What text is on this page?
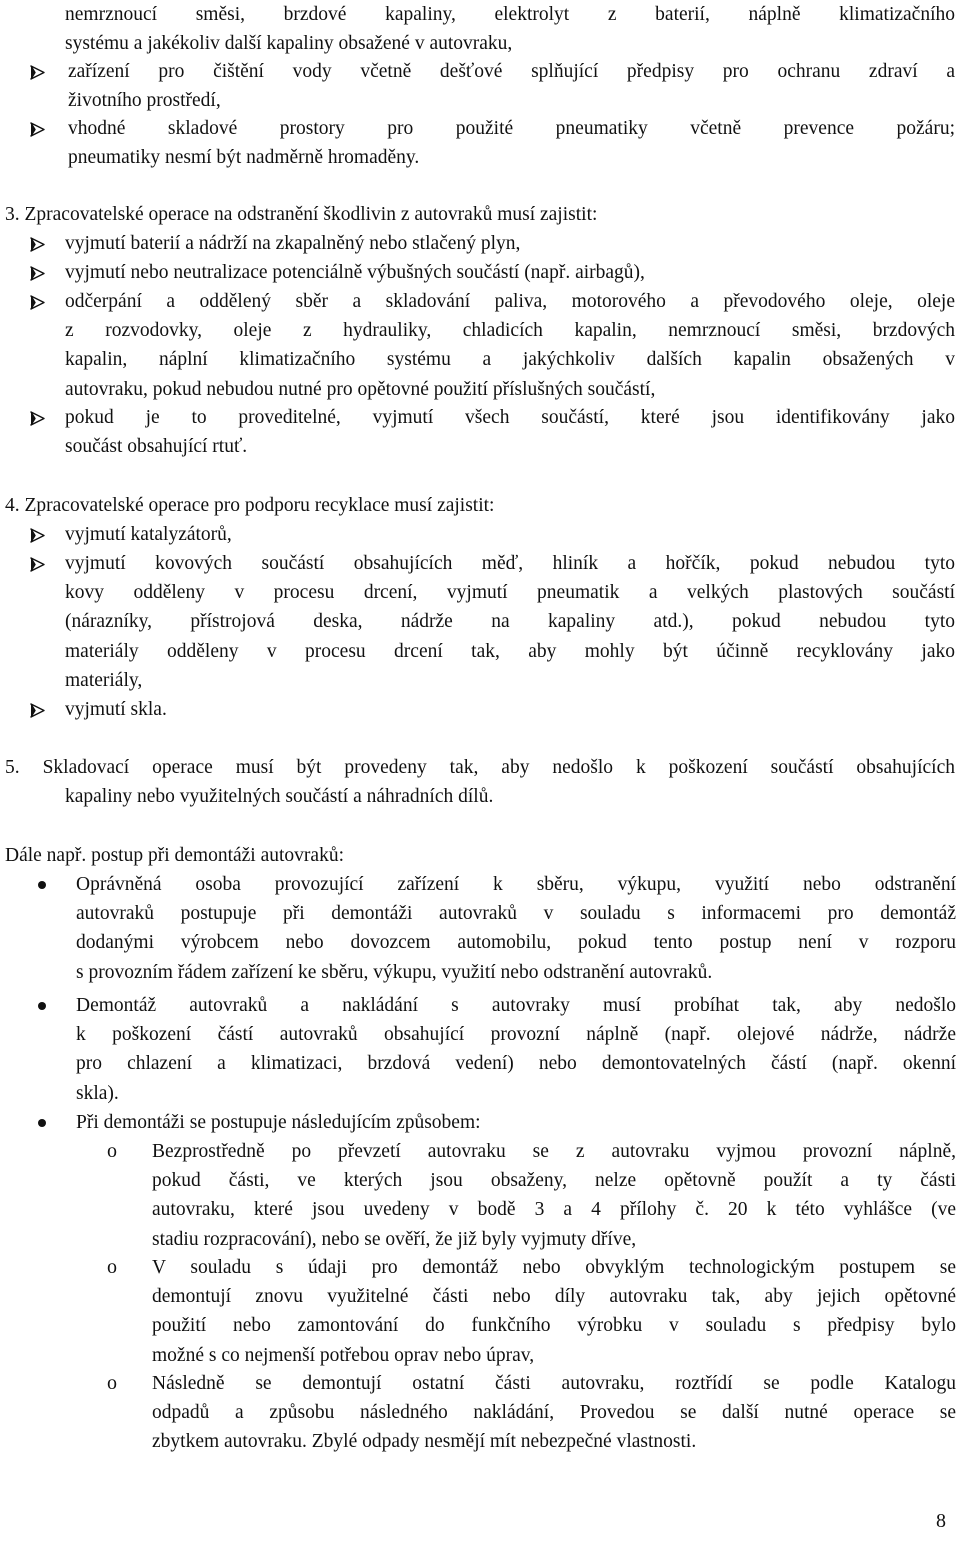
nemrznoucí směsi, brzdové kapaliny, elektrolyt z baterií, náplně klimatizačního
systému a jakékoliv další kapaliny obsažené v autovraku,
zařízení pro čištění vody včetně dešťové splňující předpisy pro ochranu zdraví a
životního prostředí,
vhodné skladové prostory pro použité pneumatiky včetně prevence požáru;
pneumatiky nesmí být nadměrně hromaděny.
3. Zpracovatelské operace na odstranění škodlivin z autovraků musí zajistit:
vyjmutí baterií a nádrží na zkapalněný nebo stlačený plyn,
vyjmutí nebo neutralizace potenciálně výbušných součástí (např. airbagů),
odčerpání a oddělený sběr a skladování paliva, motorového a převodového oleje, oleje
z rozvodovky, oleje z hydrauliky, chladicích kapalin, nemrznoucí směsi, brzdových
kapalin, náplní klimatizačního systému a jakýchkoliv dalších kapalin obsažených v
autovraku, pokud nebudou nutné pro opětovné použití příslušných součástí,
pokud je to proveditelné, vyjmutí všech součástí, které jsou identifikovány jako
součást obsahující rtuť.
4. Zpracovatelské operace pro podporu recyklace musí zajistit:
vyjmutí katalyzátorů,
vyjmutí kovových součástí obsahujících měď, hliník a hořčík, pokud nebudou tyto
kovy odděleny v procesu drcení, vyjmutí pneumatik a velkých plastových součástí
(nárazníky, přístrojová deska, nádrže na kapaliny atd.), pokud nebudou tyto
materiály odděleny v procesu drcení tak, aby mohly být účinně recyklovány jako
materiály,
vyjmutí skla.
5. Skladovací operace musí být provedeny tak, aby nedošlo k poškození součástí obsahujících
kapaliny nebo využitelných součástí a náhradních dílů.
Dále např. postup při demontáži autovraků:
Oprávněná osoba provozující zařízení k sběru, výkupu, využití nebo odstranění
autovraků postupuje při demontáži autovraků v souladu s informacemi pro demontáž
dodanými výrobcem nebo dovozcem automobilu, pokud tento postup není v rozporu
s provozním řádem zařízení ke sběru, výkupu, využití nebo odstranění autovraků.
Demontáž autovraků a nakládání s autovraky musí probíhat tak, aby nedošlo
k poškození částí autovraků obsahující provozní náplně (např. olejové nádrže, nádrže
pro chlazení a klimatizaci, brzdová vedení) nebo demontovatelných částí (např. okenní
skla).
Při demontáži se postupuje následujícím způsobem:
o Bezprostředně po převzetí autovraku se z autovraku vyjmou provozní náplně,
pokud části, ve kterých jsou obsaženy, nelze opětovně použít a ty části
autovraku, které jsou uvedeny v bodě 3 a 4 přílohy č. 20 k této vyhlášce (ve
stadiu rozpracování), nebo se ověří, že již byly vyjmuty dříve,
o V souladu s údaji pro demontáž nebo obvyklým technologickým postupem se
demontují znovu využitelné části nebo díly autovraku tak, aby jejich opětovné
použití nebo zamontování do funkčního výrobku v souladu s předpisy bylo
možné s co nejmenší potřebou oprav nebo úprav,
o Následně se demontují ostatní části autovraku, roztřídí se podle Katalogu
odpadů a způsobu následného nakládání, Provedou se další nutné operace se
zbytkem autovraku. Zbylé odpady nesmějí mít nebezpečné vlastnosti.
8
